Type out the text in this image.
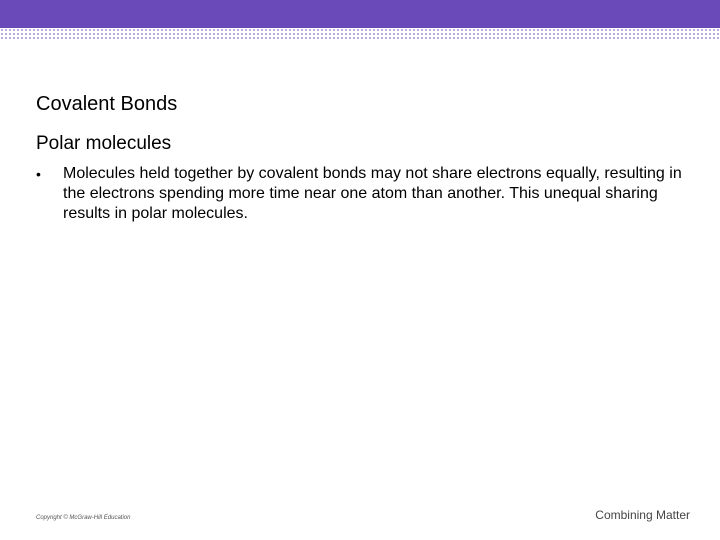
Covalent Bonds
Polar molecules
• Molecules held together by covalent bonds may not share electrons equally, resulting in the electrons spending more time near one atom than another. This unequal sharing results in polar molecules.
Copyright © McGraw-Hill Education	Combining Matter
